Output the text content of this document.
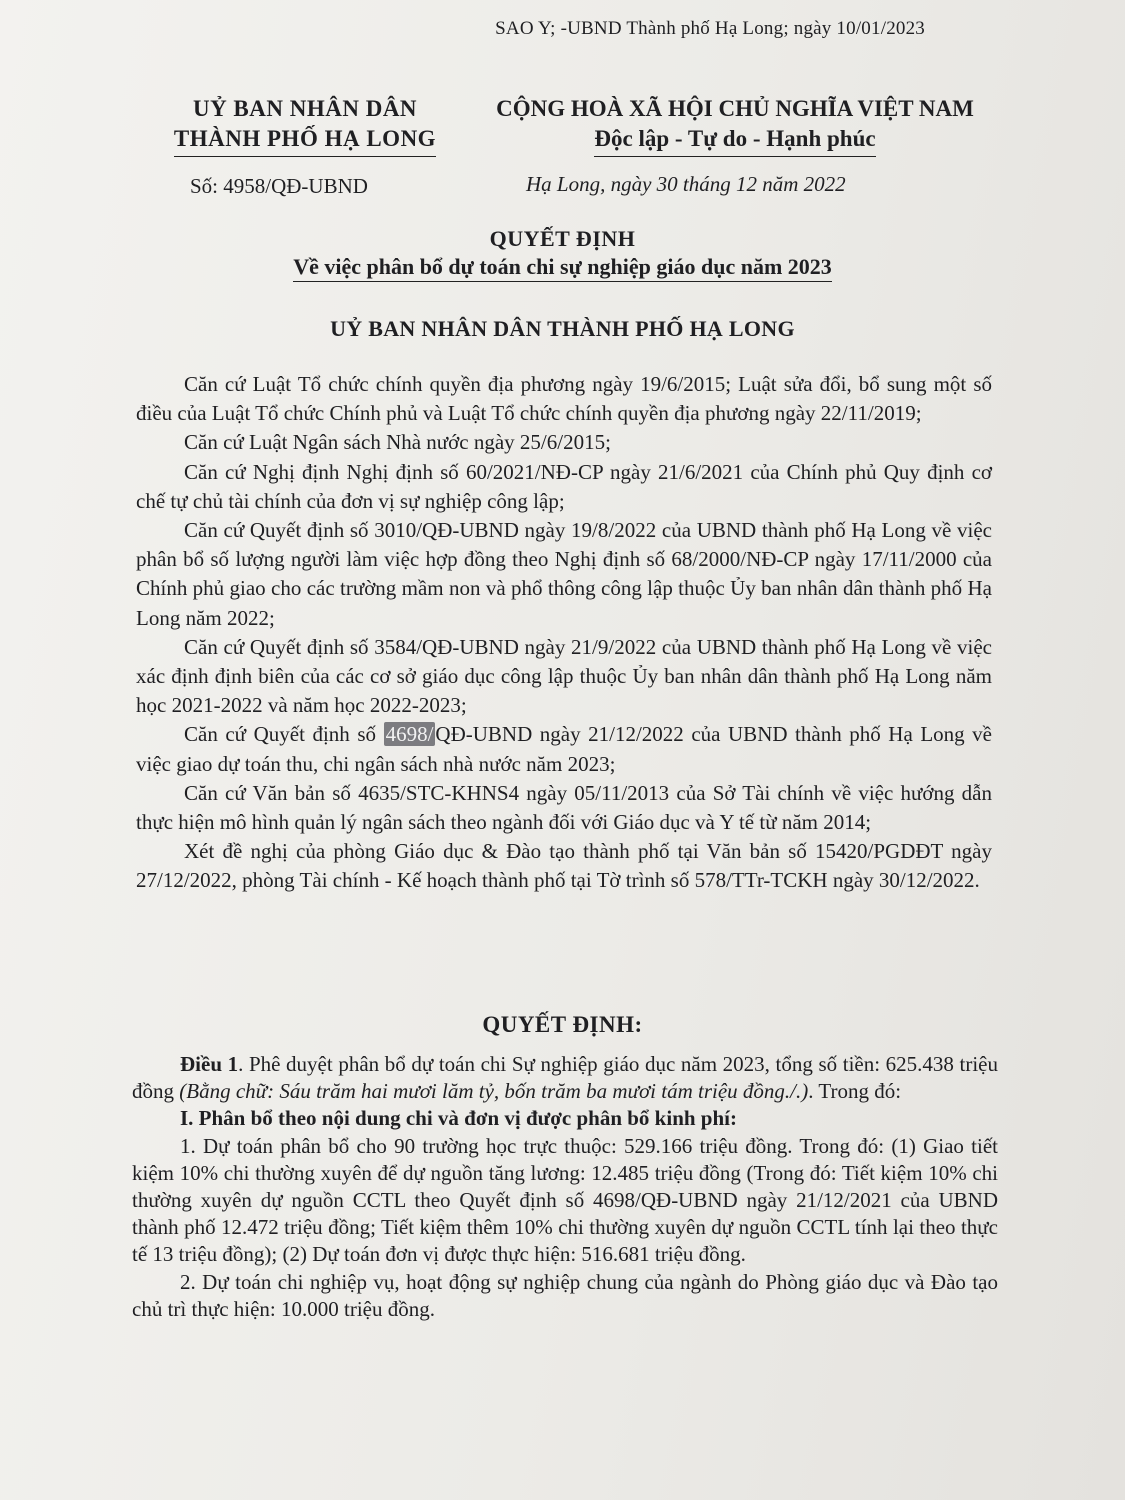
SAO Y; -UBND Thành phố Hạ Long; ngày 10/01/2023
UỶ BAN NHÂN DÂN
THÀNH PHỐ HẠ LONG
CỘNG HOÀ XÃ HỘI CHỦ NGHĨA VIỆT NAM
Độc lập - Tự do - Hạnh phúc
Số: 4958/QĐ-UBND	Hạ Long, ngày 30 tháng 12 năm 2022
QUYẾT ĐỊNH
Về việc phân bổ dự toán chi sự nghiệp giáo dục năm 2023
UỶ BAN NHÂN DÂN THÀNH PHỐ HẠ LONG

Căn cứ Luật Tổ chức chính quyền địa phương ngày 19/6/2015; Luật sửa đổi, bổ sung một số điều của Luật Tổ chức Chính phủ và Luật Tổ chức chính quyền địa phương ngày 22/11/2019;

Căn cứ Luật Ngân sách Nhà nước ngày 25/6/2015;

Căn cứ Nghị định Nghị định số 60/2021/NĐ-CP ngày 21/6/2021 của Chính phủ Quy định cơ chế tự chủ tài chính của đơn vị sự nghiệp công lập;

Căn cứ Quyết định số 3010/QĐ-UBND ngày 19/8/2022 của UBND thành phố Hạ Long về việc phân bổ số lượng người làm việc hợp đồng theo Nghị định số 68/2000/NĐ-CP ngày 17/11/2000 của Chính phủ giao cho các trường mầm non và phổ thông công lập thuộc Ủy ban nhân dân thành phố Hạ Long năm 2022;

Căn cứ Quyết định số 3584/QĐ-UBND ngày 21/9/2022 của UBND thành phố Hạ Long về việc xác định định biên của các cơ sở giáo dục công lập thuộc Ủy ban nhân dân thành phố Hạ Long năm học 2021-2022 và năm học 2022-2023;

Căn cứ Quyết định số 4698/QĐ-UBND ngày 21/12/2022 của UBND thành phố Hạ Long về việc giao dự toán thu, chi ngân sách nhà nước năm 2023;

Căn cứ Văn bản số 4635/STC-KHNS4 ngày 05/11/2013 của Sở Tài chính về việc hướng dẫn thực hiện mô hình quản lý ngân sách theo ngành đối với Giáo dục và Y tế từ năm 2014;

Xét đề nghị của phòng Giáo dục & Đào tạo thành phố tại Văn bản số 15420/PGDĐT ngày 27/12/2022, phòng Tài chính - Kế hoạch thành phố tại Tờ trình số 578/TTr-TCKH ngày 30/12/2022.

QUYẾT ĐỊNH:

Điều 1. Phê duyệt phân bổ dự toán chi Sự nghiệp giáo dục năm 2023, tổng số tiền: 625.438 triệu đồng (Bằng chữ: Sáu trăm hai mươi lăm tỷ, bốn trăm ba mươi tám triệu đồng./.). Trong đó:

I. Phân bổ theo nội dung chi và đơn vị được phân bổ kinh phí:

1. Dự toán phân bổ cho 90 trường học trực thuộc: 529.166 triệu đồng. Trong đó: (1) Giao tiết kiệm 10% chi thường xuyên để dự nguồn tăng lương: 12.485 triệu đồng (Trong đó: Tiết kiệm 10% chi thường xuyên dự nguồn CCTL theo Quyết định số 4698/QĐ-UBND ngày 21/12/2021 của UBND thành phố 12.472 triệu đồng; Tiết kiệm thêm 10% chi thường xuyên dự nguồn CCTL tính lại theo thực tế 13 triệu đồng); (2) Dự toán đơn vị được thực hiện: 516.681 triệu đồng.

2. Dự toán chi nghiệp vụ, hoạt động sự nghiệp chung của ngành do Phòng giáo dục và Đào tạo chủ trì thực hiện: 10.000 triệu đồng.
